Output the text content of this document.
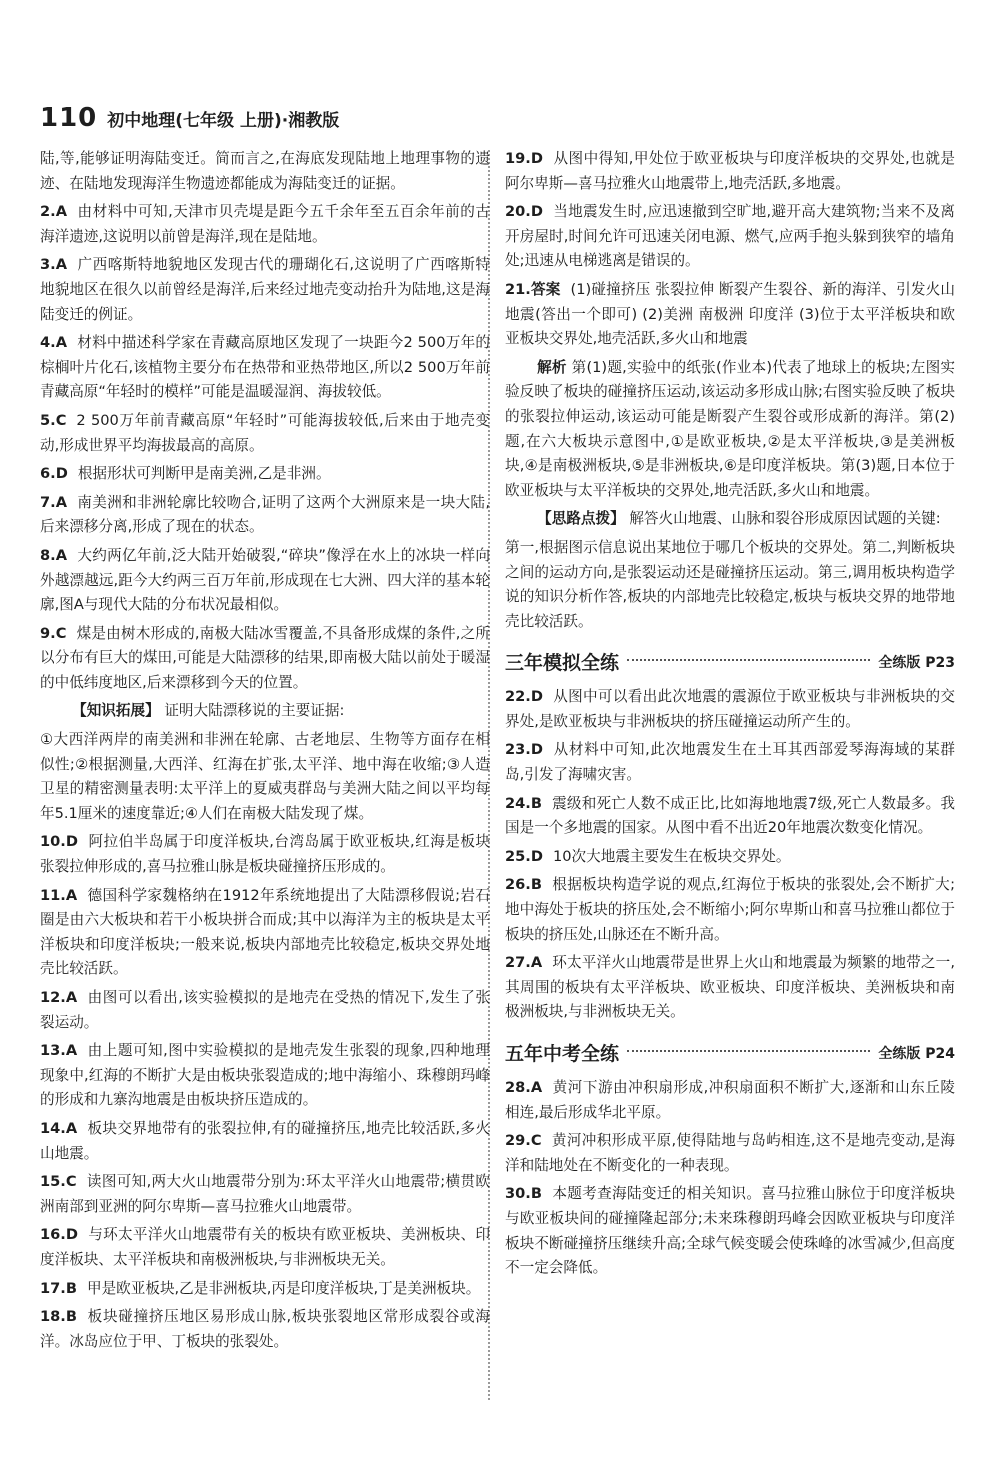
110 初中地理(七年级 上册)·湘教版

陆,等,能够证明海陆变迁。简而言之,在海底发现陆地上地理事物的遗迹、在陆地发现海洋生物遗迹都能成为海陆变迁的证据。

2.A 由材料中可知,天津市贝壳堤是距今五千余年至五百余年前的古海洋遗迹,这说明以前曾是海洋,现在是陆地。

3.A 广西喀斯特地貌地区发现古代的珊瑚化石,这说明了广西喀斯特地貌地区在很久以前曾经是海洋,后来经过地壳变动抬升为陆地,这是海陆变迁的例证。

4.A 材料中描述科学家在青藏高原地区发现了一块距今2 500万年的棕榈叶片化石,该植物主要分布在热带和亚热带地区,所以2 500万年前青藏高原“年轻时的模样”可能是温暖湿润、海拔较低。

5.C 2 500万年前青藏高原“年轻时”可能海拔较低,后来由于地壳变动,形成世界平均海拔最高的高原。

6.D 根据形状可判断甲是南美洲,乙是非洲。

7.A 南美洲和非洲轮廓比较吻合,证明了这两个大洲原来是一块大陆,后来漂移分离,形成了现在的状态。

8.A 大约两亿年前,泛大陆开始破裂,“碎块”像浮在水上的冰块一样向外越漂越远,距今大约两三百万年前,形成现在七大洲、四大洋的基本轮廓,图A与现代大陆的分布状况最相似。

9.C 煤是由树木形成的,南极大陆冰雪覆盖,不具备形成煤的条件,之所以分布有巨大的煤田,可能是大陆漂移的结果,即南极大陆以前处于暖湿的中低纬度地区,后来漂移到今天的位置。

【知识拓展】 证明大陆漂移说的主要证据:

①大西洋两岸的南美洲和非洲在轮廓、古老地层、生物等方面存在相似性;②根据测量,大西洋、红海在扩张,太平洋、地中海在收缩;③人造卫星的精密测量表明:太平洋上的夏威夷群岛与美洲大陆之间以平均每年5.1厘米的速度靠近;④人们在南极大陆发现了煤。

10.D 阿拉伯半岛属于印度洋板块,台湾岛属于欧亚板块,红海是板块张裂拉伸形成的,喜马拉雅山脉是板块碰撞挤压形成的。

11.A 德国科学家魏格纳在1912年系统地提出了大陆漂移假说;岩石圈是由六大板块和若干小板块拼合而成;其中以海洋为主的板块是太平洋板块和印度洋板块;一般来说,板块内部地壳比较稳定,板块交界处地壳比较活跃。

12.A 由图可以看出,该实验模拟的是地壳在受热的情况下,发生了张裂运动。

13.A 由上题可知,图中实验模拟的是地壳发生张裂的现象,四种地理现象中,红海的不断扩大是由板块张裂造成的;地中海缩小、珠穆朗玛峰的形成和九寨沟地震是由板块挤压造成的。

14.A 板块交界地带有的张裂拉伸,有的碰撞挤压,地壳比较活跃,多火山地震。

15.C 读图可知,两大火山地震带分别为:环太平洋火山地震带;横贯欧洲南部到亚洲的阿尔卑斯—喜马拉雅火山地震带。

16.D 与环太平洋火山地震带有关的板块有欧亚板块、美洲板块、印度洋板块、太平洋板块和南极洲板块,与非洲板块无关。

17.B 甲是欧亚板块,乙是非洲板块,丙是印度洋板块,丁是美洲板块。

18.B 板块碰撞挤压地区易形成山脉,板块张裂地区常形成裂谷或海洋。冰岛应位于甲、丁板块的张裂处。

19.D 从图中得知,甲处位于欧亚板块与印度洋板块的交界处,也就是阿尔卑斯—喜马拉雅火山地震带上,地壳活跃,多地震。

20.D 当地震发生时,应迅速撤到空旷地,避开高大建筑物;当来不及离开房屋时,时间允许可迅速关闭电源、燃气,应两手抱头躲到狭窄的墙角处;迅速从电梯逃离是错误的。

21.答案 (1)碰撞挤压 张裂拉伸 断裂产生裂谷、新的海洋、引发火山地震(答出一个即可) (2)美洲 南极洲 印度洋 (3)位于太平洋板块和欧亚板块交界处,地壳活跃,多火山和地震

解析 第(1)题,实验中的纸张(作业本)代表了地球上的板块;左图实验反映了板块的碰撞挤压运动,该运动多形成山脉;右图实验反映了板块的张裂拉伸运动,该运动可能是断裂产生裂谷或形成新的海洋。第(2)题,在六大板块示意图中,①是欧亚板块,②是太平洋板块,③是美洲板块,④是南极洲板块,⑤是非洲板块,⑥是印度洋板块。第(3)题,日本位于欧亚板块与太平洋板块的交界处,地壳活跃,多火山和地震。

【思路点拨】 解答火山地震、山脉和裂谷形成原因试题的关键:

第一,根据图示信息说出某地位于哪几个板块的交界处。第二,判断板块之间的运动方向,是张裂运动还是碰撞挤压运动。第三,调用板块构造学说的知识分析作答,板块的内部地壳比较稳定,板块与板块交界的地带地壳比较活跃。

三年模拟全练	全练版 P23

22.D 从图中可以看出此次地震的震源位于欧亚板块与非洲板块的交界处,是欧亚板块与非洲板块的挤压碰撞运动所产生的。

23.D 从材料中可知,此次地震发生在土耳其西部爱琴海海域的某群岛,引发了海啸灾害。

24.B 震级和死亡人数不成正比,比如海地地震7级,死亡人数最多。我国是一个多地震的国家。从图中看不出近20年地震次数变化情况。

25.D 10次大地震主要发生在板块交界处。

26.B 根据板块构造学说的观点,红海位于板块的张裂处,会不断扩大;地中海处于板块的挤压处,会不断缩小;阿尔卑斯山和喜马拉雅山都位于板块的挤压处,山脉还在不断升高。

27.A 环太平洋火山地震带是世界上火山和地震最为频繁的地带之一,其周围的板块有太平洋板块、欧亚板块、印度洋板块、美洲板块和南极洲板块,与非洲板块无关。

五年中考全练	全练版 P24

28.A 黄河下游由冲积扇形成,冲积扇面积不断扩大,逐渐和山东丘陵相连,最后形成华北平原。

29.C 黄河冲积形成平原,使得陆地与岛屿相连,这不是地壳变动,是海洋和陆地处在不断变化的一种表现。

30.B 本题考查海陆变迁的相关知识。喜马拉雅山脉位于印度洋板块与欧亚板块间的碰撞隆起部分;未来珠穆朗玛峰会因欧亚板块与印度洋板块不断碰撞挤压继续升高;全球气候变暖会使珠峰的冰雪减少,但高度不一定会降低。
